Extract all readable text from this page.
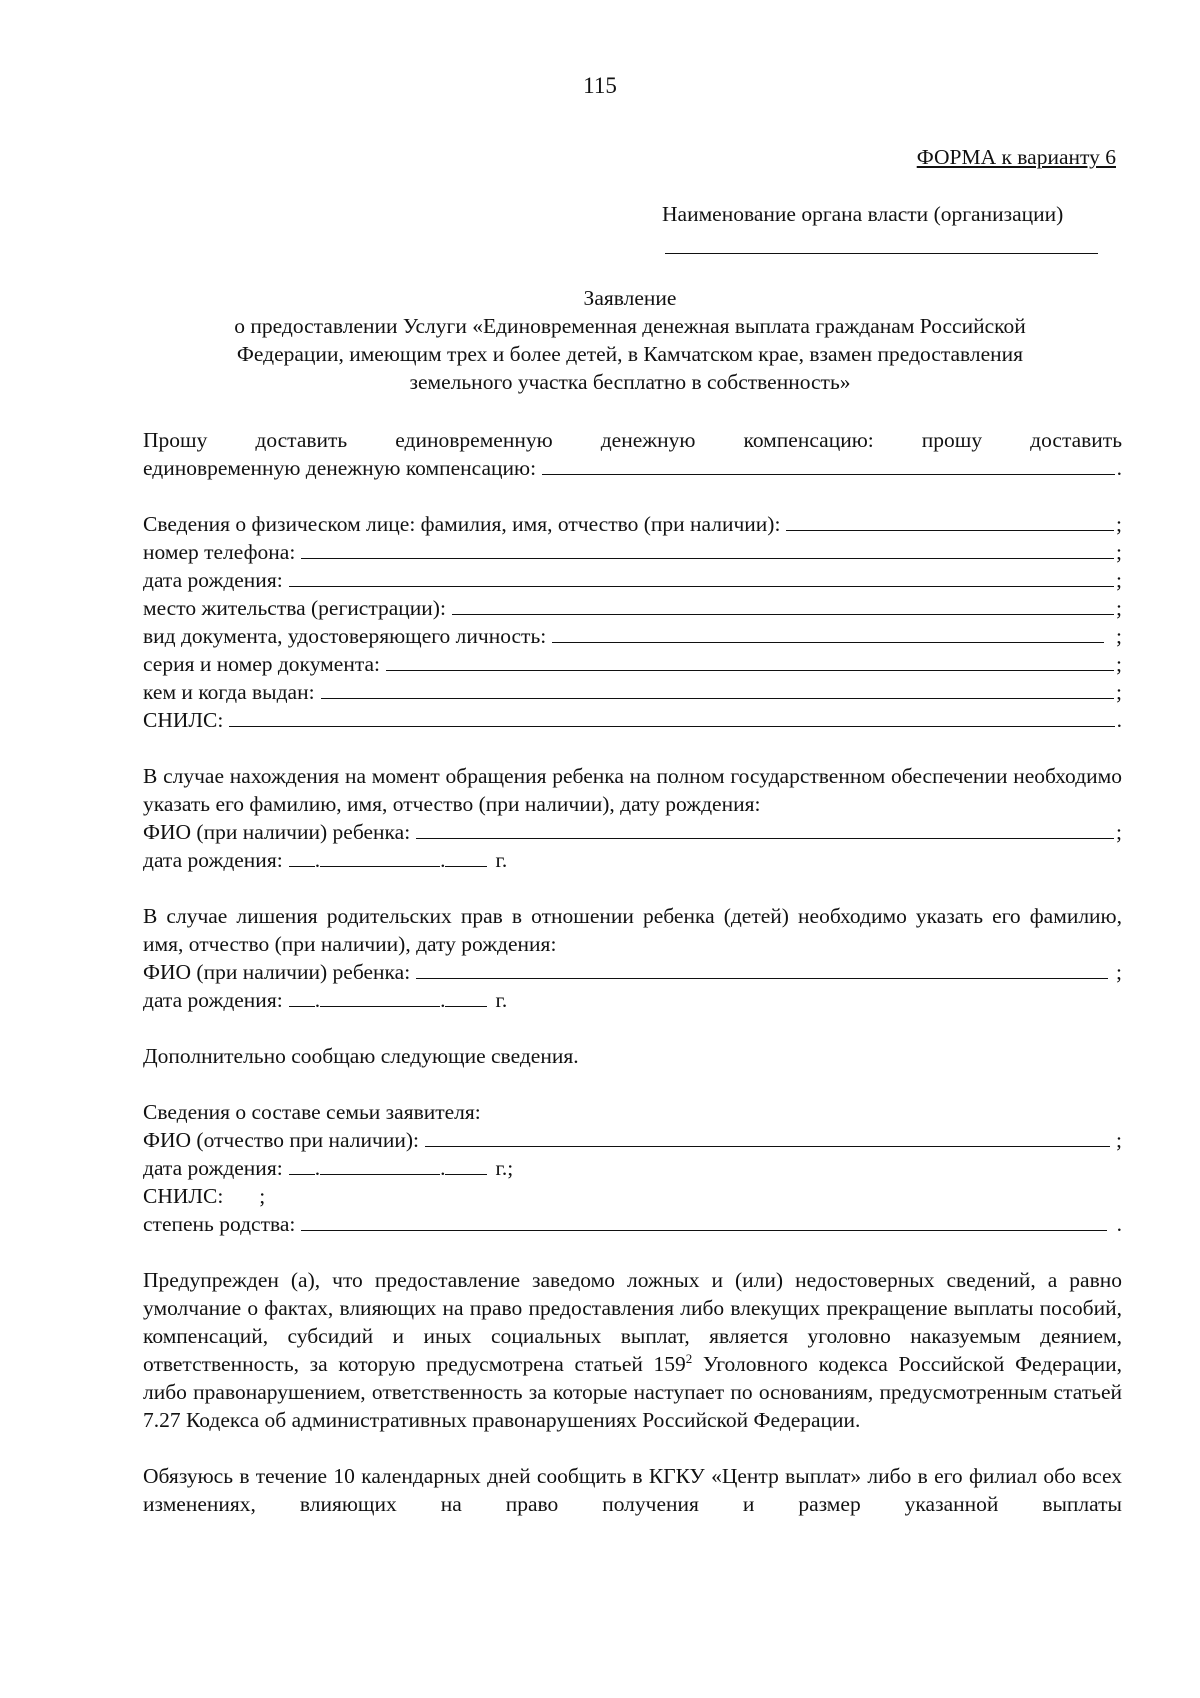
115
ФОРМА к варианту 6
Наименование органа власти (организации)
Заявление
о предоставлении Услуги «Единовременная денежная выплата гражданам Российской
Федерации, имеющим трех и более детей, в Камчатском крае, взамен предоставления
земельного участка бесплатно в собственность»

Прошу доставить единовременную денежную компенсацию: прошу доставить

единовременную денежную компенсацию:	.
Сведения о физическом лице: фамилия, имя, отчество (при наличии):	;
номер телефона:	;
дата рождения:	;
место жительства (регистрации):	;
вид документа, удостоверяющего личность:	;
серия и номер документа:	;
кем и когда выдан:	;
СНИЛС:	.

В случае нахождения на момент обращения ребенка на полном государственном обеспечении необходимо указать его фамилию, имя, отчество (при наличии), дату рождения:

ФИО (при наличии) ребенка:	;
дата рождения: .	. г.

В случае лишения родительских прав в отношении ребенка (детей) необходимо указать его фамилию, имя, отчество (при наличии), дату рождения:

ФИО (при наличии) ребенка:	;
дата рождения: .	. г.

Дополнительно сообщаю следующие сведения.

Сведения о составе семьи заявителя:

ФИО (отчество при наличии):	;
дата рождения: .	. г.;
СНИЛС: ;
степень родства:	.

Предупрежден (а), что предоставление заведомо ложных и (или) недостоверных сведений, а равно умолчание о фактах, влияющих на право предоставления либо влекущих прекращение выплаты пособий, компенсаций, субсидий и иных социальных выплат, является уголовно наказуемым деянием, ответственность, за которую предусмотрена статьей $159^2$ Уголовного кодекса Российской Федерации, либо правонарушением, ответственность за которые наступает по основаниям, предусмотренным статьей 7.27 Кодекса об административных правонарушениях Российской Федерации.

Обязуюсь в течение 10 календарных дней сообщить в КГКУ «Центр выплат» либо в его филиал обо всех изменениях, влияющих на право получения и размер указанной выплаты
